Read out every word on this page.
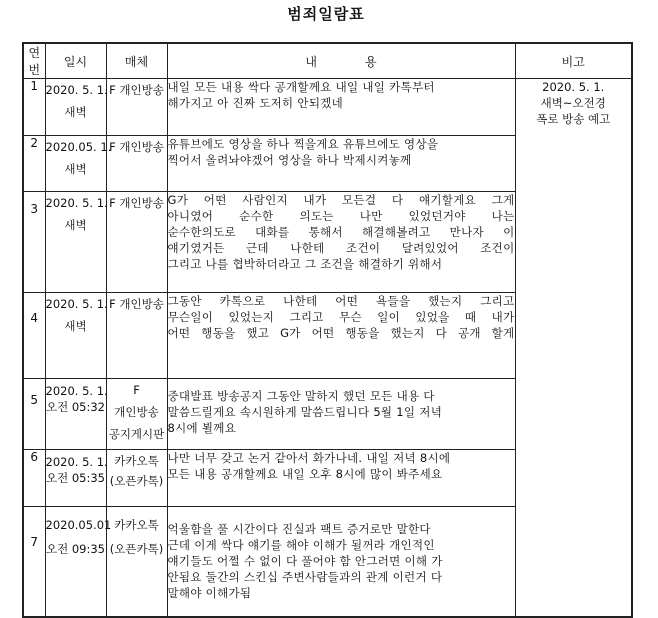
범죄일람표
연번	일시	매체	내 용	비고
1	2020. 5. 1.
새벽	F 개인방송	내일 모든 내용 싹다 공개할께요 내일 내일 카톡부터
해가지고 아 진짜 도저히 안되겠네	2020. 5. 1.
새벽~오전경
폭로 방송 예고

2	2020.05. 1.
새벽	F 개인방송	유튜브에도 영상을 하나 찍을게요 유튜브에도 영상을
찍어서 올려놔야겠어 영상을 하나 박제시켜놓께	

3	2020. 5. 1.
새벽	F 개인방송	G가 어떤 사람인지 내가 모든걸 다 얘기할게요 그게
아니였어 순수한 의도는 나만 있었던거야 나는
순수한의도로 대화를 통해서 해결해볼려고 만나자 이
얘기였거든 근데 나한테 조건이 달려있었어 조건이
그리고 나를 협박하더라고 그 조건을 해결하기 위해서	

4	2020. 5. 1.
새벽	F 개인방송	그동안 카톡으로 나한테 어떤 욕들을 했는지 그리고
무슨일이 있었는지 그리고 무슨 일이 있었을 때 내가
어떤 행동을 했고 G가 어떤 행동을 했는지 다 공개 할게	

5	2020. 5. 1.
오전 05:32	F
개인방송
공지게시판	중대발표 방송공지 그동안 말하지 했던 모든 내용 다
말씀드릴게요 속시원하게 말씀드립니다 5월 1일 저녁
8시에 뵐께요	

6	2020. 5. 1.
오전 05:35	카카오톡
(오픈카톡)	나만 너무 갖고 논거 같아서 화가나네. 내일 저녁 8시에
모든 내용 공개할께요 내일 오후 8시에 많이 봐주세요	

7	2020.05.01
오전 09:35	카카오톡
(오픈카톡)	억울함을 풀 시간이다 진실과 팩트 증거로만 말한다
근데 이게 싹다 얘기를 해야 이해가 될꺼라 개인적인
얘기들도 어쩔 수 없이 다 풀어야 함 안그러면 이해 가
안됨요 둘간의 스킨십 주변사람들과의 관계 이런거 다
말해야 이해가됨	
